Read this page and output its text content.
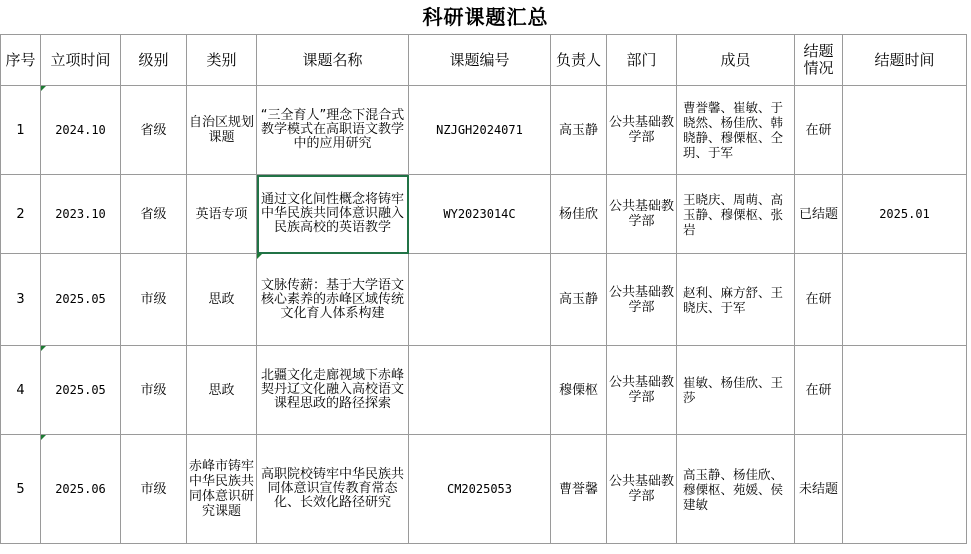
科研课题汇总
序号	立项时间	级别	类别	课题名称	课题编号	负责人	部门	成员	结题情况	结题时间
1	2024.10	省级	自治区规划课题	“三全育人”理念下混合式教学模式在高职语文教学中的应用研究	NZJGH2024071	高玉静	公共基础教学部	曹誉馨、崔敏、于晓然、杨佳欣、韩晓静、穆傈枢、仝玥、于军	在研	
2	2023.10	省级	英语专项	通过文化间性概念将铸牢中华民族共同体意识融入民族高校的英语教学	WY2023014C	杨佳欣	公共基础教学部	王晓庆、周萌、高玉静、穆傈枢、张岩	已结题	2025.01
3	2025.05	市级	思政	文脉传薪：基于大学语文核心素养的赤峰区域传统文化育人体系构建		高玉静	公共基础教学部	赵利、麻方舒、王晓庆、于军	在研	
4	2025.05	市级	思政	北疆文化走廊视域下赤峰契丹辽文化融入高校语文课程思政的路径探索		穆傈枢	公共基础教学部	崔敏、杨佳欣、王莎	在研	
5	2025.06	市级	赤峰市铸牢中华民族共同体意识研究课题	高职院校铸牢中华民族共同体意识宣传教育常态化、长效化路径研究	CM2025053	曹誉馨	公共基础教学部	高玉静、杨佳欣、穆傈枢、苑媛、侯建敏	未结题	
